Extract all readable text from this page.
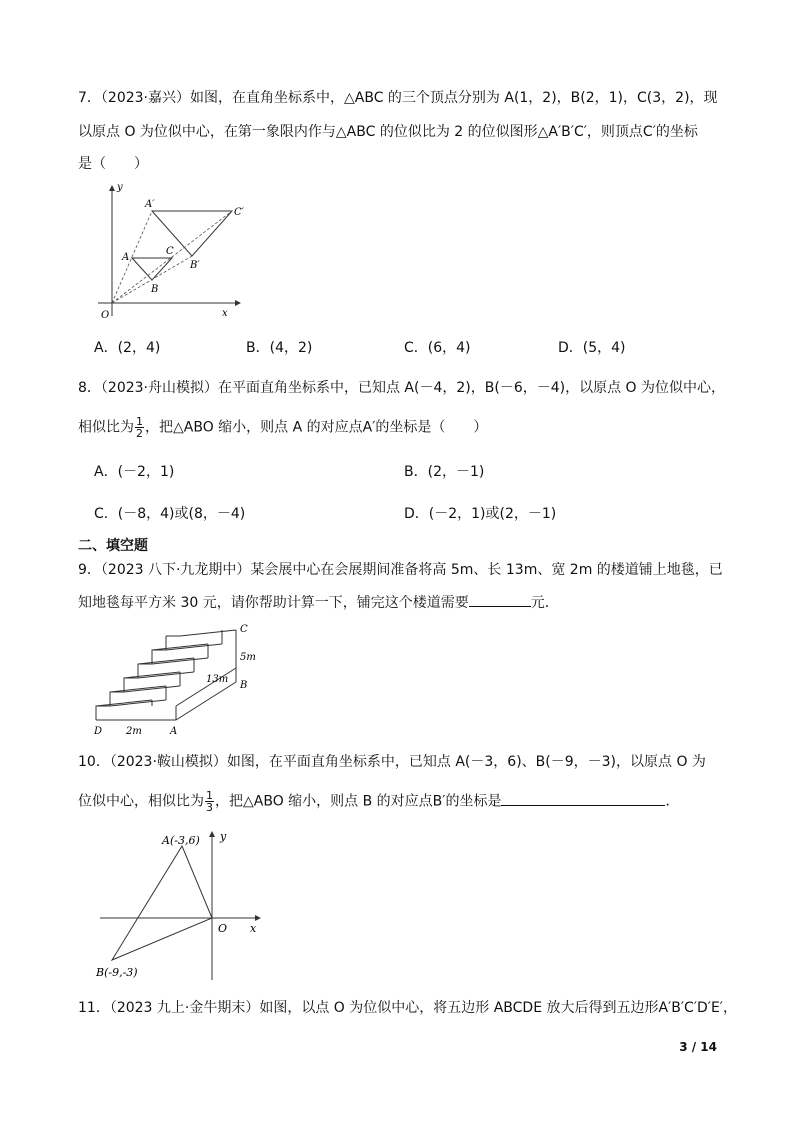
7．（2023·嘉兴）如图，在直角坐标系中，△ABC 的三个顶点分别为 A(1，2)，B(2，1)，C(3，2)，现
以原点 O 为位似中心，在第一象限内作与△ABC 的位似比为 2 的位似图形△A′B′C′，则顶点C′的坐标
是（　　）
y
x
O
A
B
C
A′
B′
C′
A．(2，4)	B．(4，2)	C．(6，4)	D．(5，4)
8．（2023·舟山模拟）在平面直角坐标系中，已知点 A(－4，2)，B(－6，－4)，以原点 O 为位似中心，
相似比为 $\frac{1}{2}$ ，把△ABO 缩小，则点 A 的对应点A′的坐标是（　　）
A．(－2，1)	B．(2，－1)
C．(－8，4)或(8，－4)	D．(－2，1)或(2，－1)
二、填空题
9．（2023 八下·九龙期中）某会展中心在会展期间准备将高 5m、长 13m、宽 2m 的楼道铺上地毯，已
知地毯每平方米 30 元，请你帮助计算一下，铺完这个楼道需要	元．
C
5m
B
13m
D 2m	A
10．（2023·鞍山模拟）如图，在平面直角坐标系中，已知点 A(－3，6)、B(－9，－3)，以原点 O 为
位似中心，相似比为 $\frac{1}{3}$ ，把△ABO 缩小，则点 B 的对应点B′的坐标是	．
A(-3,6)
B(-9,-3)
O x
y
11．（2023 九上·金牛期末）如图，以点 O 为位似中心，将五边形 ABCDE 放大后得到五边形A′B′C′D′E′，
3 / 14
